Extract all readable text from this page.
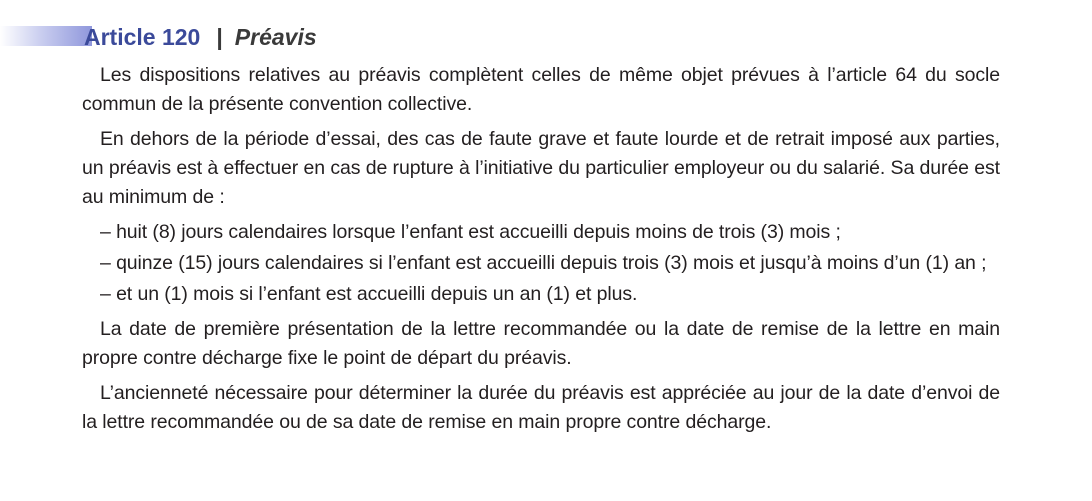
Article 120 | Préavis

Les dispositions relatives au préavis complètent celles de même objet prévues à l’article 64 du socle commun de la présente convention collective.

En dehors de la période d’essai, des cas de faute grave et faute lourde et de retrait imposé aux parties, un préavis est à effectuer en cas de rupture à l’initiative du particulier employeur ou du salarié. Sa durée est au minimum de :

– huit (8) jours calendaires lorsque l’enfant est accueilli depuis moins de trois (3) mois ;
– quinze (15) jours calendaires si l’enfant est accueilli depuis trois (3) mois et jusqu’à moins d’un (1) an ;
– et un (1) mois si l’enfant est accueilli depuis un an (1) et plus.

La date de première présentation de la lettre recommandée ou la date de remise de la lettre en main propre contre décharge fixe le point de départ du préavis.

L’ancienneté nécessaire pour déterminer la durée du préavis est appréciée au jour de la date d’envoi de la lettre recommandée ou de sa date de remise en main propre contre décharge.
